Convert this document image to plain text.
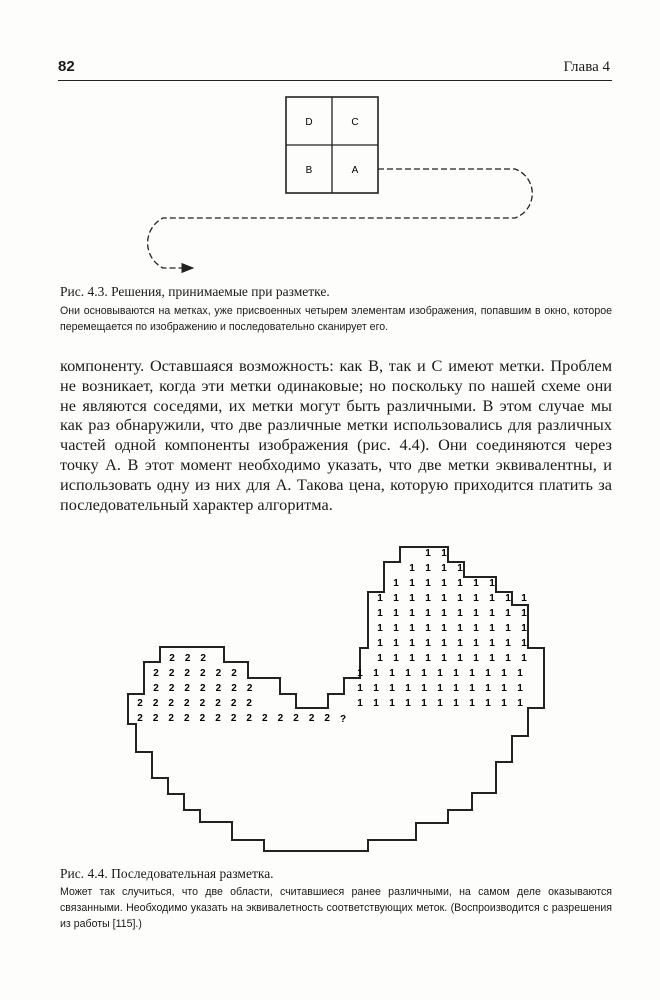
82	Глава 4
D	C
B	A
Рис. 4.3. Решения, принимаемые при разметке.
Они основываются на метках, уже присвоенных четырем элементам изображения, попавшим в окно, которое перемещается по изображению и последовательно сканирует его.

компоненту. Оставшаяся возможность: как В, так и С имеют метки. Проблем не возникает, когда эти метки одинаковые; но поскольку по нашей схеме они не являются соседями, их метки могут быть различными. В этом случае мы как раз обнаружили, что две различные метки использовались для различных частей одной компоненты изображения (рис. 4.4). Они соединяются через точку А. В этот момент необходимо указать, что две метки эквивалентны, и использовать одну из них для А. Такова цена, которую приходится платить за последовательный характер алгоритма.

1 1
1 1 1 1
1 1 1 1 1 1 1
1 1 1 1 1 1 1 1 1 1
1 1 1 1 1 1 1 1 1 1
1 1 1 1 1 1 1 1 1 1
1 1 1 1 1 1 1 1 1 1
1 1 1 1 1 1 1 1 1 1
1 1 1 1 1 1 1 1 1 1 1
1 1 1 1 1 1 1 1 1 1 1
1 1 1 1 1 1 1 1 1 1 1
2 2 2
2 2 2 2 2 2
2 2 2 2 2 2 2
2 2 2 2 2 2 2 2
2 2 2 2 2 2 2 2 2 2 2 2 2 ?
Рис. 4.4. Последовательная разметка.
Может так случиться, что две области, считавшиеся ранее различными, на самом деле оказываются связанными. Необходимо указать на эквивалетность соответствующих меток. (Воспроизводится с разрешения из работы [115].)
